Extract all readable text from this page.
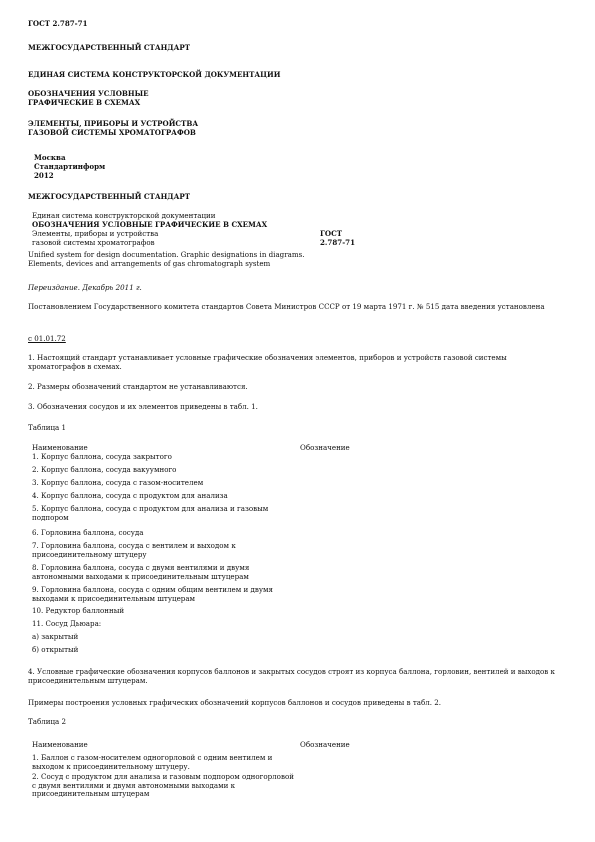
ГОСТ 2.787-71
МЕЖГОСУДАРСТВЕННЫЙ СТАНДАРТ
ЕДИНАЯ СИСТЕМА КОНСТРУКТОРСКОЙ ДОКУМЕНТАЦИИ
ОБОЗНАЧЕНИЯ УСЛОВНЫЕ
ГРАФИЧЕСКИЕ В СХЕМАХ
ЭЛЕМЕНТЫ, ПРИБОРЫ И УСТРОЙСТВА
ГАЗОВОЙ СИСТЕМЫ ХРОМАТОГРАФОВ
Москва
Стандартинформ
2012
МЕЖГОСУДАРСТВЕННЫЙ СТАНДАРТ
Единая система конструкторской документации
ОБОЗНАЧЕНИЯ УСЛОВНЫЕ ГРАФИЧЕСКИЕ В СХЕМАХ
Элементы, приборы и устройства
газовой системы хроматографов
ГОСТ
2.787-71
Unified system for design documentation. Graphic designations in diagrams.
Elements, devices and arrangements of gas chromatograph system
Переиздание. Декабрь 2011 г.
Постановлением Государственного комитета стандартов Совета Министров СССР от 19 марта 1971 г. № 515 дата введения установлена
с 01.01.72
1. Настоящий стандарт устанавливает условные графические обозначения элементов, приборов и устройств газовой системы хроматографов в схемах.
2. Размеры обозначений стандартом не устанавливаются.
3. Обозначения сосудов и их элементов приведены в табл. 1.
Таблица 1
Наименование	Обозначение
1. Корпус баллона, сосуда закрытого
2. Корпус баллона, сосуда вакуумного
3. Корпус баллона, сосуда с газом-носителем
4. Корпус баллона, сосуда с продуктом для анализа
5. Корпус баллона, сосуда с продуктом для анализа и газовым подпором
6. Горловина баллона, сосуда
7. Горловина баллона, сосуда с вентилем и выходом к присоединительному штуцеру
8. Горловина баллона, сосуда с двумя вентилями и двумя автономными выходами к присоединительным штуцерам
9. Горловина баллона, сосуда с одним общим вентилем и двумя выходами к присоединительным штуцерам
10. Редуктор баллонный
11. Сосуд Дьюара:
а) закрытый
б) открытый
4. Условные графические обозначения корпусов баллонов и закрытых сосудов строят из корпуса баллона, горловин, вентилей и выходов к присоединительным штуцерам.
Примеры построения условных графических обозначений корпусов баллонов и сосудов приведены в табл. 2.
Таблица 2
Наименование	Обозначение
1. Баллон с газом-носителем одногорловой с одним вентилем и выходом к присоединительному штуцеру.
2. Сосуд с продуктом для анализа и газовым подпором одногорловой с двумя вентилями и двумя автономными выходами к присоединительным штуцерам
